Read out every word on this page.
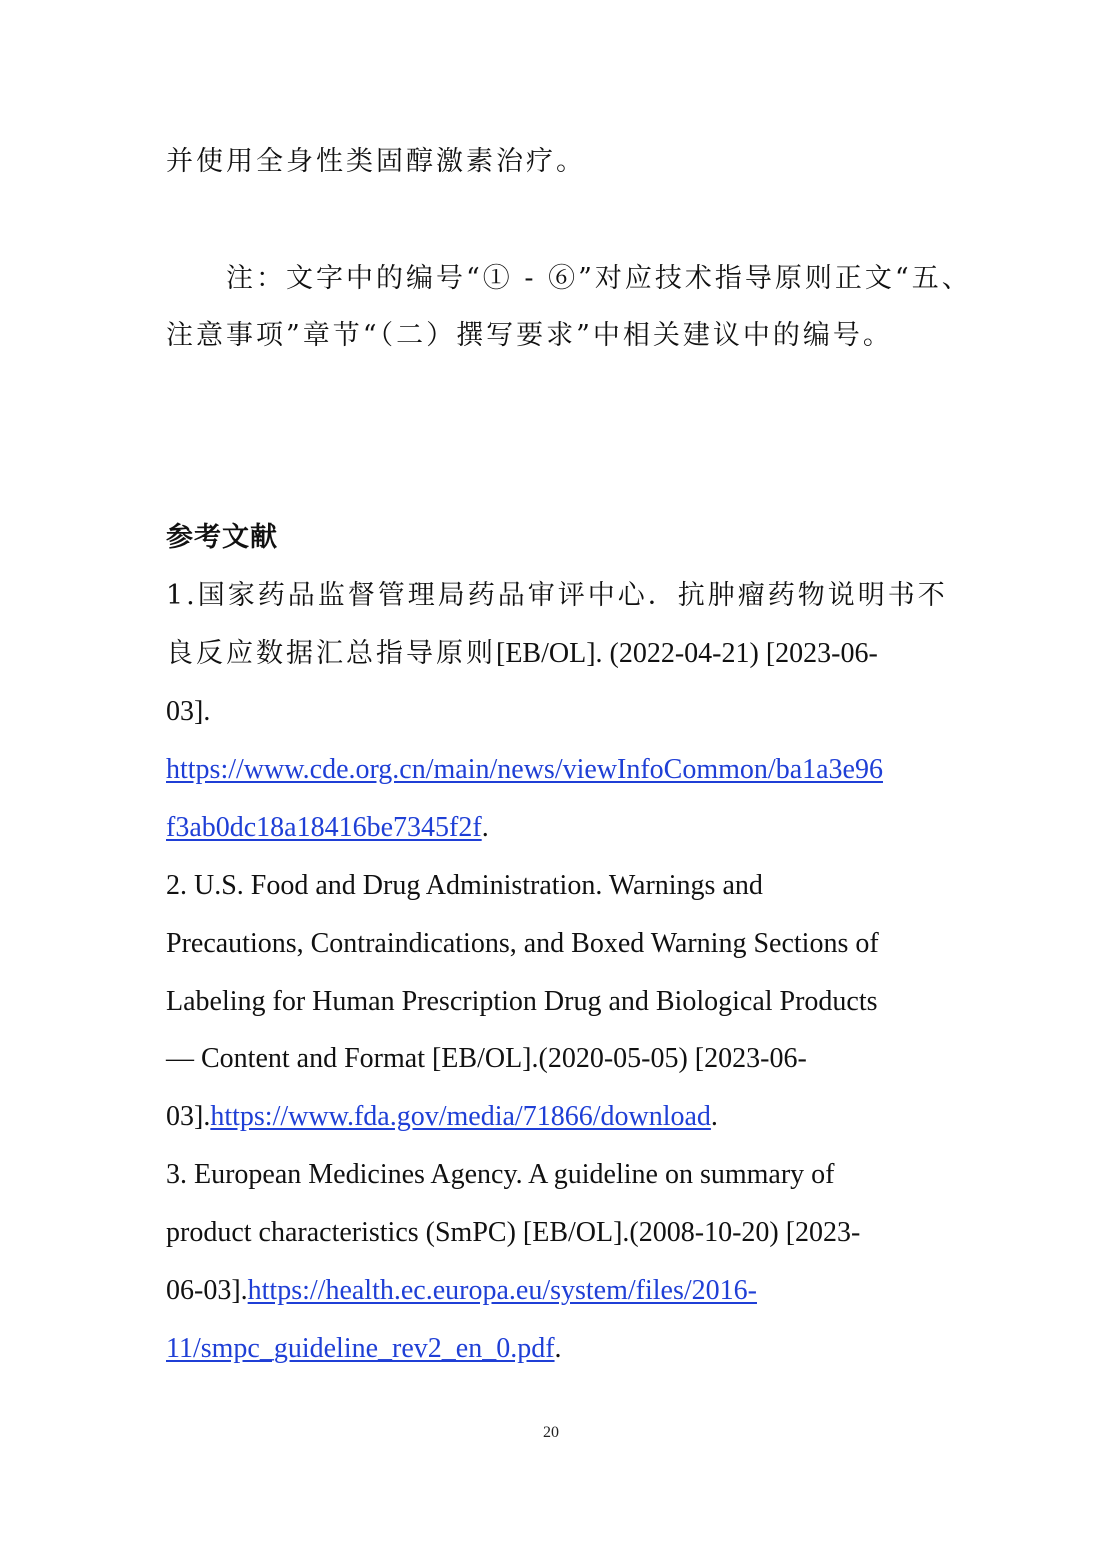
并使用全身性类固醇激素治疗。
注：文字中的编号“① - ⑥”对应技术指导原则正文“五、
注意事项”章节“（二）撰写要求”中相关建议中的编号。
参考文献
1.国家药品监督管理局药品审评中心．抗肿瘤药物说明书不
良反应数据汇总指导原则[EB/OL]. (2022-04-21) [2023-06-
03].
https://www.cde.org.cn/main/news/viewInfoCommon/ba1a3e96
f3ab0dc18a18416be7345f2f.
2. U.S. Food and Drug Administration. Warnings and
Precautions, Contraindications, and Boxed Warning Sections of
Labeling for Human Prescription Drug and Biological Products
— Content and Format [EB/OL].(2020-05-05) [2023-06-
03].https://www.fda.gov/media/71866/download.
3. European Medicines Agency. A guideline on summary of
product characteristics (SmPC) [EB/OL].(2008-10-20) [2023-
06-03].https://health.ec.europa.eu/system/files/2016-
11/smpc_guideline_rev2_en_0.pdf.
20
